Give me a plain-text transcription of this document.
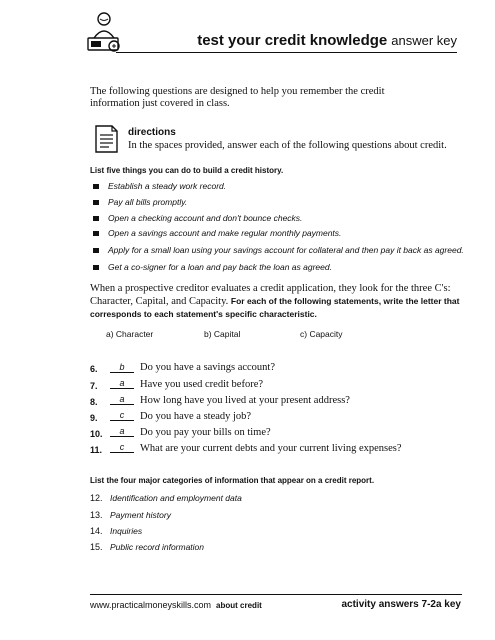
test your credit knowledge answer key
The following questions are designed to help you remember the credit information just covered in class.
directions
In the spaces provided, answer each of the following questions about credit.
List five things you can do to build a credit history.
Establish a steady work record.
Pay all bills promptly.
Open a checking account and don't bounce checks.
Open a savings account and make regular monthly payments.
Apply for a small loan using your savings account for collateral and then pay it back as agreed.
Get a co-signer for a loan and pay back the loan as agreed.
When a prospective creditor evaluates a credit application, they look for the three C's: Character, Capital, and Capacity. For each of the following statements, write the letter that corresponds to each statement's specific characteristic.
a) Character	b) Capital	c) Capacity
6.	b	Do you have a savings account?
7.	a	Have you used credit before?
8.	a	How long have you lived at your present address?
9.	c	Do you have a steady job?
10.	a	Do you pay your bills on time?
11.	c	What are your current debts and your current living expenses?
List the four major categories of information that appear on a credit report.
12. Identification and employment data
13. Payment history
14. Inquiries
15. Public record information
www.practicalmoneyskills.com about credit	activity answers 7-2a key
